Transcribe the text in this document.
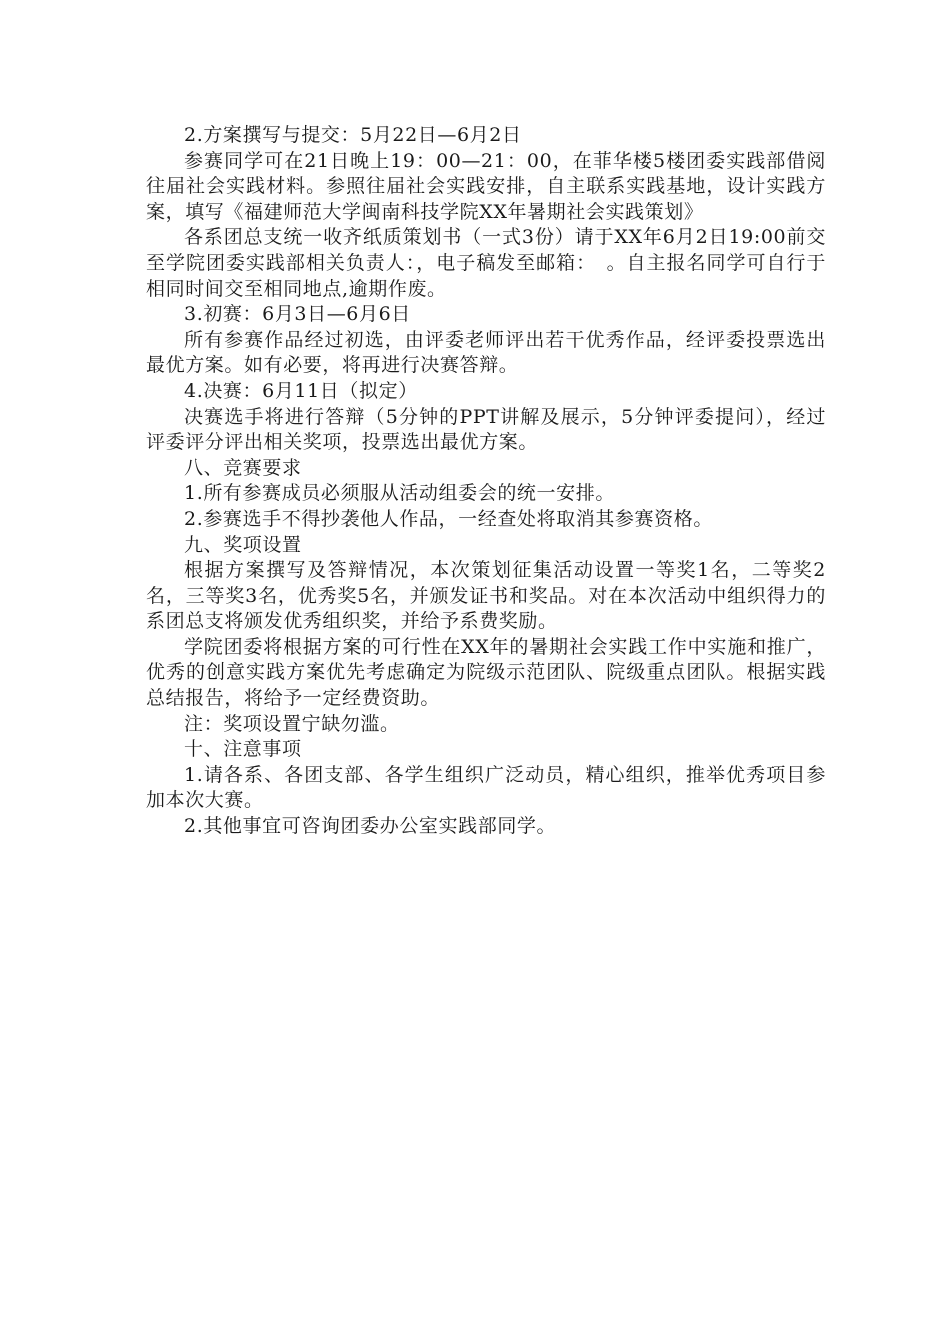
2.方案撰写与提交：5月22日—6月2日

参赛同学可在21日晚上19：00—21：00，在菲华楼5楼团委实践部借阅往届社会实践材料。参照往届社会实践安排，自主联系实践基地，设计实践方案，填写《福建师范大学闽南科技学院XX年暑期社会实践策划》

各系团总支统一收齐纸质策划书（一式3份）请于XX年6月2日19:00前交至学院团委实践部相关负责人：，电子稿发至邮箱：　。自主报名同学可自行于相同时间交至相同地点,逾期作废。

3.初赛：6月3日—6月6日

所有参赛作品经过初选，由评委老师评出若干优秀作品，经评委投票选出最优方案。如有必要，将再进行决赛答辩。

4.决赛：6月11日（拟定）

决赛选手将进行答辩（5分钟的PPT讲解及展示，5分钟评委提问），经过评委评分评出相关奖项，投票选出最优方案。

八、竞赛要求

1.所有参赛成员必须服从活动组委会的统一安排。

2.参赛选手不得抄袭他人作品，一经查处将取消其参赛资格。

九、奖项设置

根据方案撰写及答辩情况，本次策划征集活动设置一等奖1名，二等奖2名，三等奖3名，优秀奖5名，并颁发证书和奖品。对在本次活动中组织得力的系团总支将颁发优秀组织奖，并给予系费奖励。

学院团委将根据方案的可行性在XX年的暑期社会实践工作中实施和推广，优秀的创意实践方案优先考虑确定为院级示范团队、院级重点团队。根据实践总结报告，将给予一定经费资助。

注：奖项设置宁缺勿滥。

十、注意事项

1.请各系、各团支部、各学生组织广泛动员，精心组织，推举优秀项目参加本次大赛。

2.其他事宜可咨询团委办公室实践部同学。
